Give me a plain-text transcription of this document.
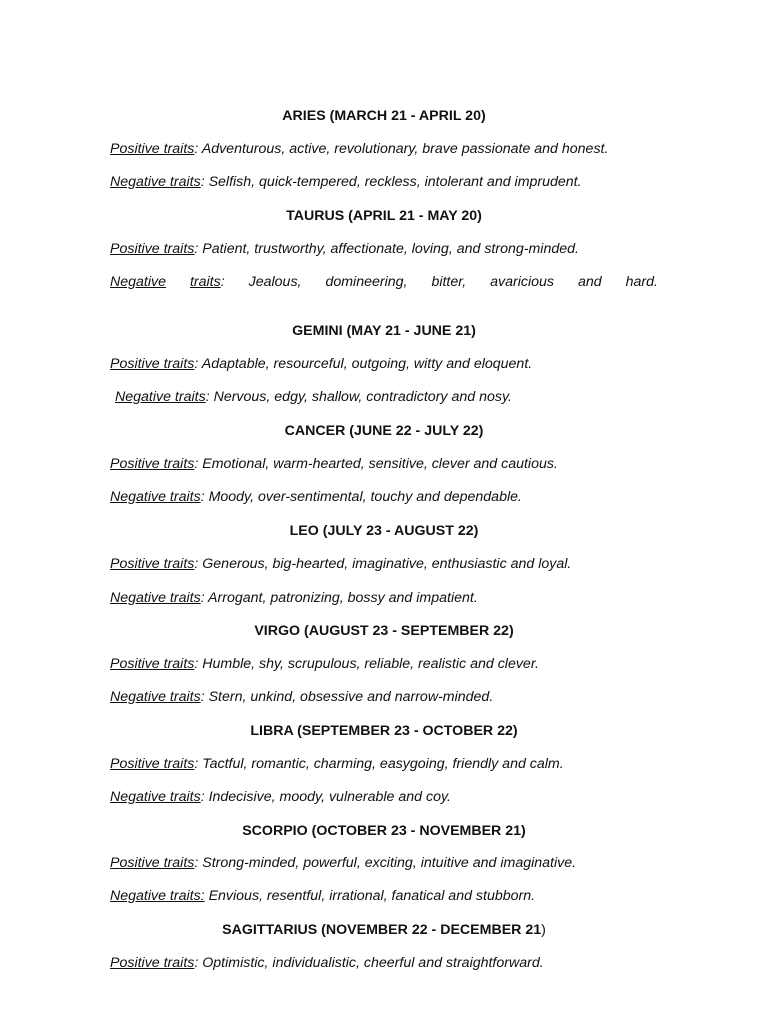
ARIES (MARCH 21 - APRIL 20)
Positive traits: Adventurous, active, revolutionary, brave passionate and honest.
Negative traits: Selfish, quick-tempered, reckless, intolerant and imprudent.
TAURUS (APRIL 21 - MAY 20)
Positive traits: Patient, trustworthy, affectionate, loving, and strong-minded.
Negative traits: Jealous, domineering, bitter, avaricious and hard.
GEMINI (MAY 21 - JUNE 21)
Positive traits: Adaptable, resourceful, outgoing, witty and eloquent.
Negative traits: Nervous, edgy, shallow, contradictory and nosy.
CANCER (JUNE 22 - JULY 22)
Positive traits: Emotional, warm-hearted, sensitive, clever and cautious.
Negative traits: Moody, over-sentimental, touchy and dependable.
LEO (JULY 23 - AUGUST 22)
Positive traits: Generous, big-hearted, imaginative, enthusiastic and loyal.
Negative traits: Arrogant, patronizing, bossy and impatient.
VIRGO (AUGUST 23 - SEPTEMBER 22)
Positive traits: Humble, shy, scrupulous, reliable, realistic and clever.
Negative traits: Stern, unkind, obsessive and narrow-minded.
LIBRA (SEPTEMBER 23 - OCTOBER 22)
Positive traits: Tactful, romantic, charming, easygoing, friendly and calm.
Negative traits: Indecisive, moody, vulnerable and coy.
SCORPIO (OCTOBER 23 - NOVEMBER 21)
Positive traits: Strong-minded, powerful, exciting, intuitive and imaginative.
Negative traits: Envious, resentful, irrational, fanatical and stubborn.
SAGITTARIUS (NOVEMBER 22 - DECEMBER 21)
Positive traits: Optimistic, individualistic, cheerful and straightforward.
